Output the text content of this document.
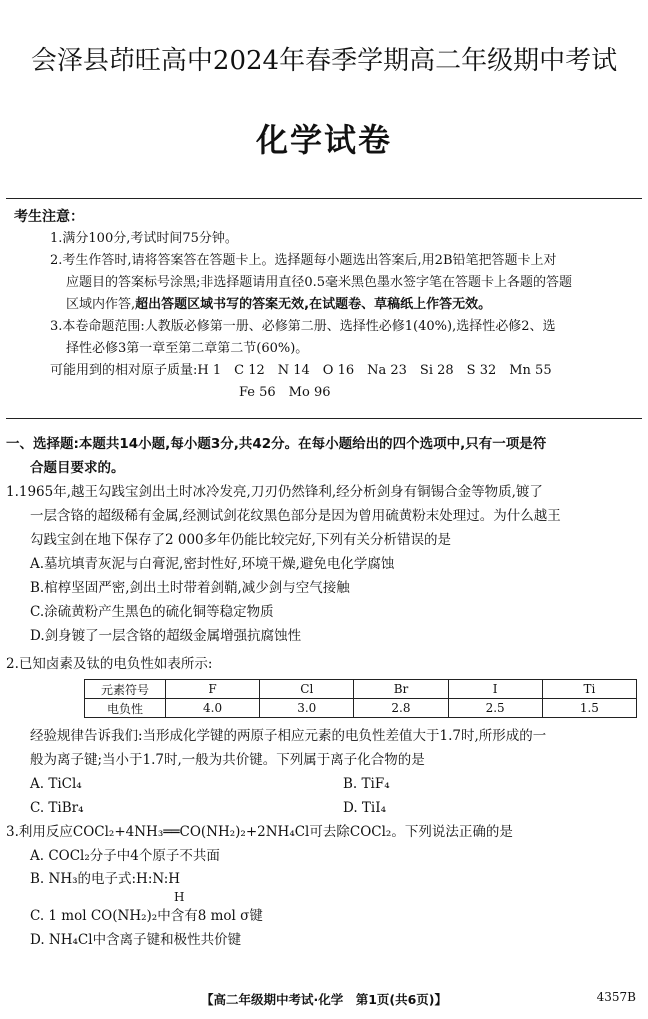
会泽县茚旺高中2024年春季学期高二年级期中考试
化学试卷
考生注意：
1.满分100分,考试时间75分钟。
2.考生作答时,请将答案答在答题卡上。选择题每小题选出答案后,用2B铅笔把答题卡上对
应题目的答案标号涂黑;非选择题请用直径0.5毫米黑色墨水签字笔在答题卡上各题的答题
区域内作答,超出答题区域书写的答案无效,在试题卷、草稿纸上作答无效。
3.本卷命题范围:人教版必修第一册、必修第二册、选择性必修1(40%),选择性必修2、选
择性必修3第一章至第二章第二节(60%)。
可能用到的相对原子质量:H 1　C 12　N 14　O 16　Na 23　Si 28　S 32　Mn 55
Fe 56　Mo 96
一、选择题:本题共14小题,每小题3分,共42分。在每小题给出的四个选项中,只有一项是符
合题目要求的。
1.1965年,越王勾践宝剑出土时冰冷发亮,刀刃仍然锋利,经分析剑身有铜锡合金等物质,镀了
一层含铬的超级稀有金属,经测试剑花纹黑色部分是因为曾用硫黄粉末处理过。为什么越王
勾践宝剑在地下保存了2 000多年仍能比较完好,下列有关分析错误的是
A.墓坑填青灰泥与白膏泥,密封性好,环境干燥,避免电化学腐蚀
B.棺椁坚固严密,剑出土时带着剑鞘,减少剑与空气接触
C.涂硫黄粉产生黑色的硫化铜等稳定物质
D.剑身镀了一层含铬的超级金属增强抗腐蚀性
2.已知卤素及钛的电负性如表所示:
元素符号	F	Cl	Br	I	Ti
电负性	4.0	3.0	2.8	2.5	1.5
经验规律告诉我们:当形成化学键的两原子相应元素的电负性差值大于1.7时,所形成的一
般为离子键;当小于1.7时,一般为共价键。下列属于离子化合物的是
A. TiCl₄	B. TiF₄
C. TiBr₄	D. TiI₄
3.利用反应COCl₂+4NH₃══CO(NH₂)₂+2NH₄Cl可去除COCl₂。下列说法正确的是
A. COCl₂分子中4个原子不共面
B. NH₃的电子式:H:N:H
H
C. 1 mol CO(NH₂)₂中含有8 mol σ键
D. NH₄Cl中含离子键和极性共价键
【高二年级期中考试·化学　第1页(共6页)】	4357B
